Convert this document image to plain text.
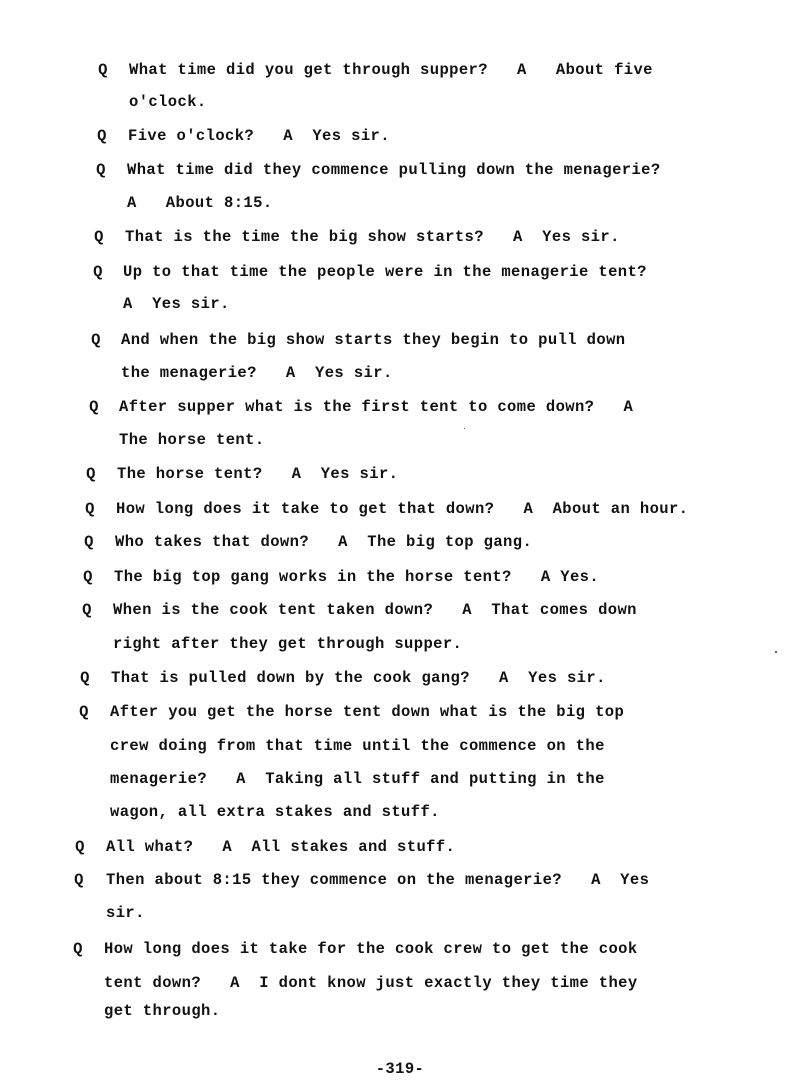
Q What time did you get through supper?   A   About five
o'clock.
Q Five o'clock?   A  Yes sir.
Q What time did they commence pulling down the menagerie?
A   About 8:15.
Q That is the time the big show starts?   A  Yes sir.
Q Up to that time the people were in the menagerie tent?
A  Yes sir.
Q And when the big show starts they begin to pull down
the menagerie?   A  Yes sir.
Q After supper what is the first tent to come down?   A
The horse tent.
Q The horse tent?   A  Yes sir.
Q How long does it take to get that down?   A  About an hour.
Q Who takes that down?   A  The big top gang.
Q The big top gang works in the horse tent?   A Yes.
Q When is the cook tent taken down?   A  That comes down
right after they get through supper.
Q That is pulled down by the cook gang?   A  Yes sir.
Q After you get the horse tent down what is the big top
crew doing from that time until the commence on the
menagerie?   A  Taking all stuff and putting in the
wagon, all extra stakes and stuff.
Q All what?   A  All stakes and stuff.
Q Then about 8:15 they commence on the menagerie?   A  Yes
sir.
Q How long does it take for the cook crew to get the cook
tent down?   A  I dont know just exactly they time they
get through.
-319-
